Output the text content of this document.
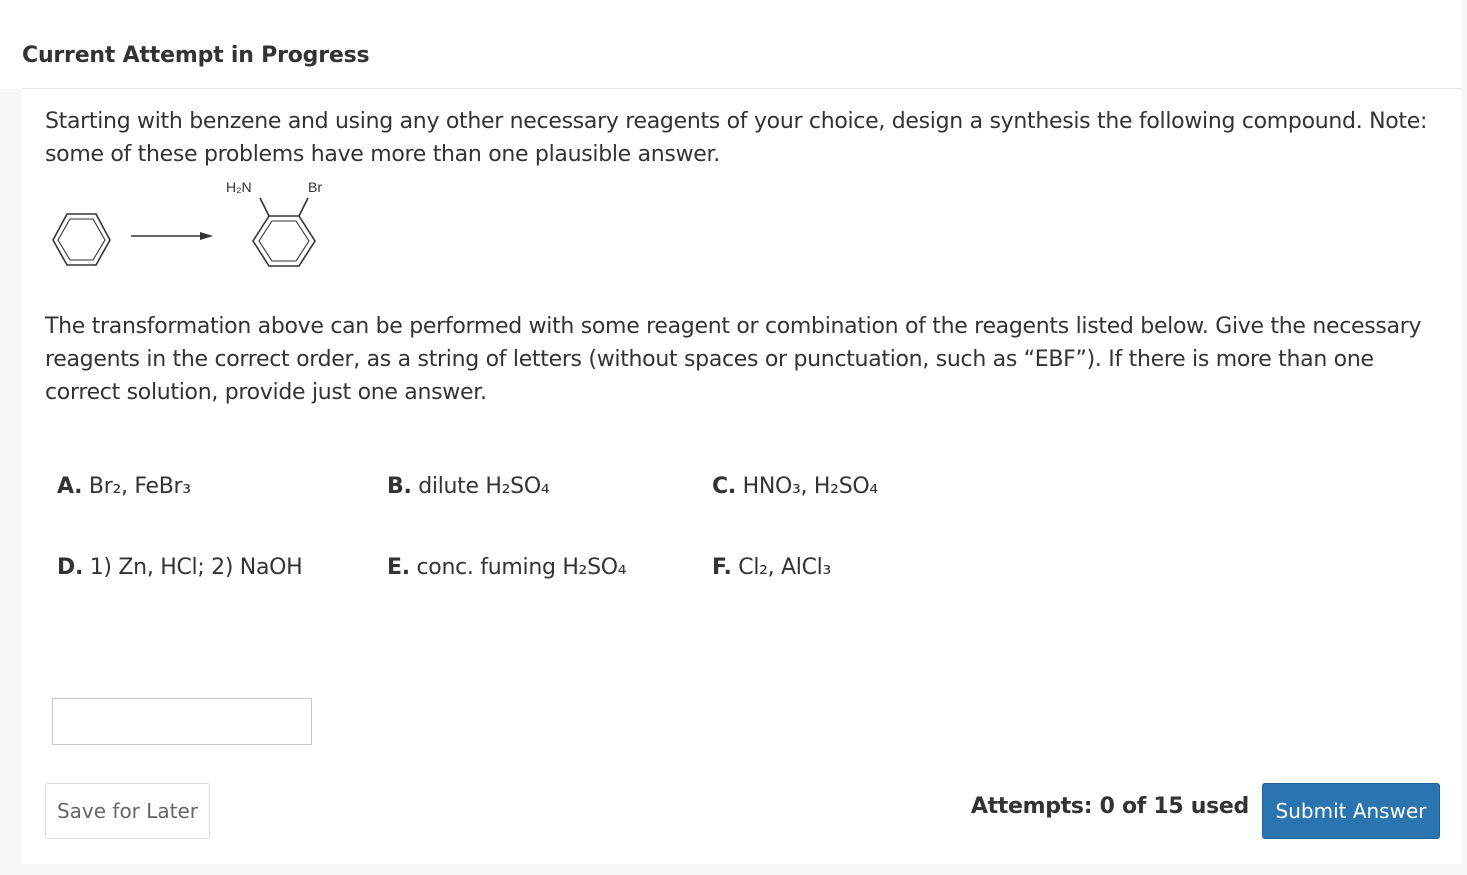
Current Attempt in Progress

Starting with benzene and using any other necessary reagents of your choice, design a synthesis the following compound. Note: some of these problems have more than one plausible answer.

H₂N	Br

The transformation above can be performed with some reagent or combination of the reagents listed below. Give the necessary reagents in the correct order, as a string of letters (without spaces or punctuation, such as “EBF”). If there is more than one correct solution, provide just one answer.

A. Br₂, FeBr₃	B. dilute H₂SO₄	C. HNO₃, H₂SO₄
D. 1) Zn, HCl; 2) NaOH	E. conc. fuming H₂SO₄	F. Cl₂, AlCl₃
Save for Later	Attempts: 0 of 15 used	Submit Answer
